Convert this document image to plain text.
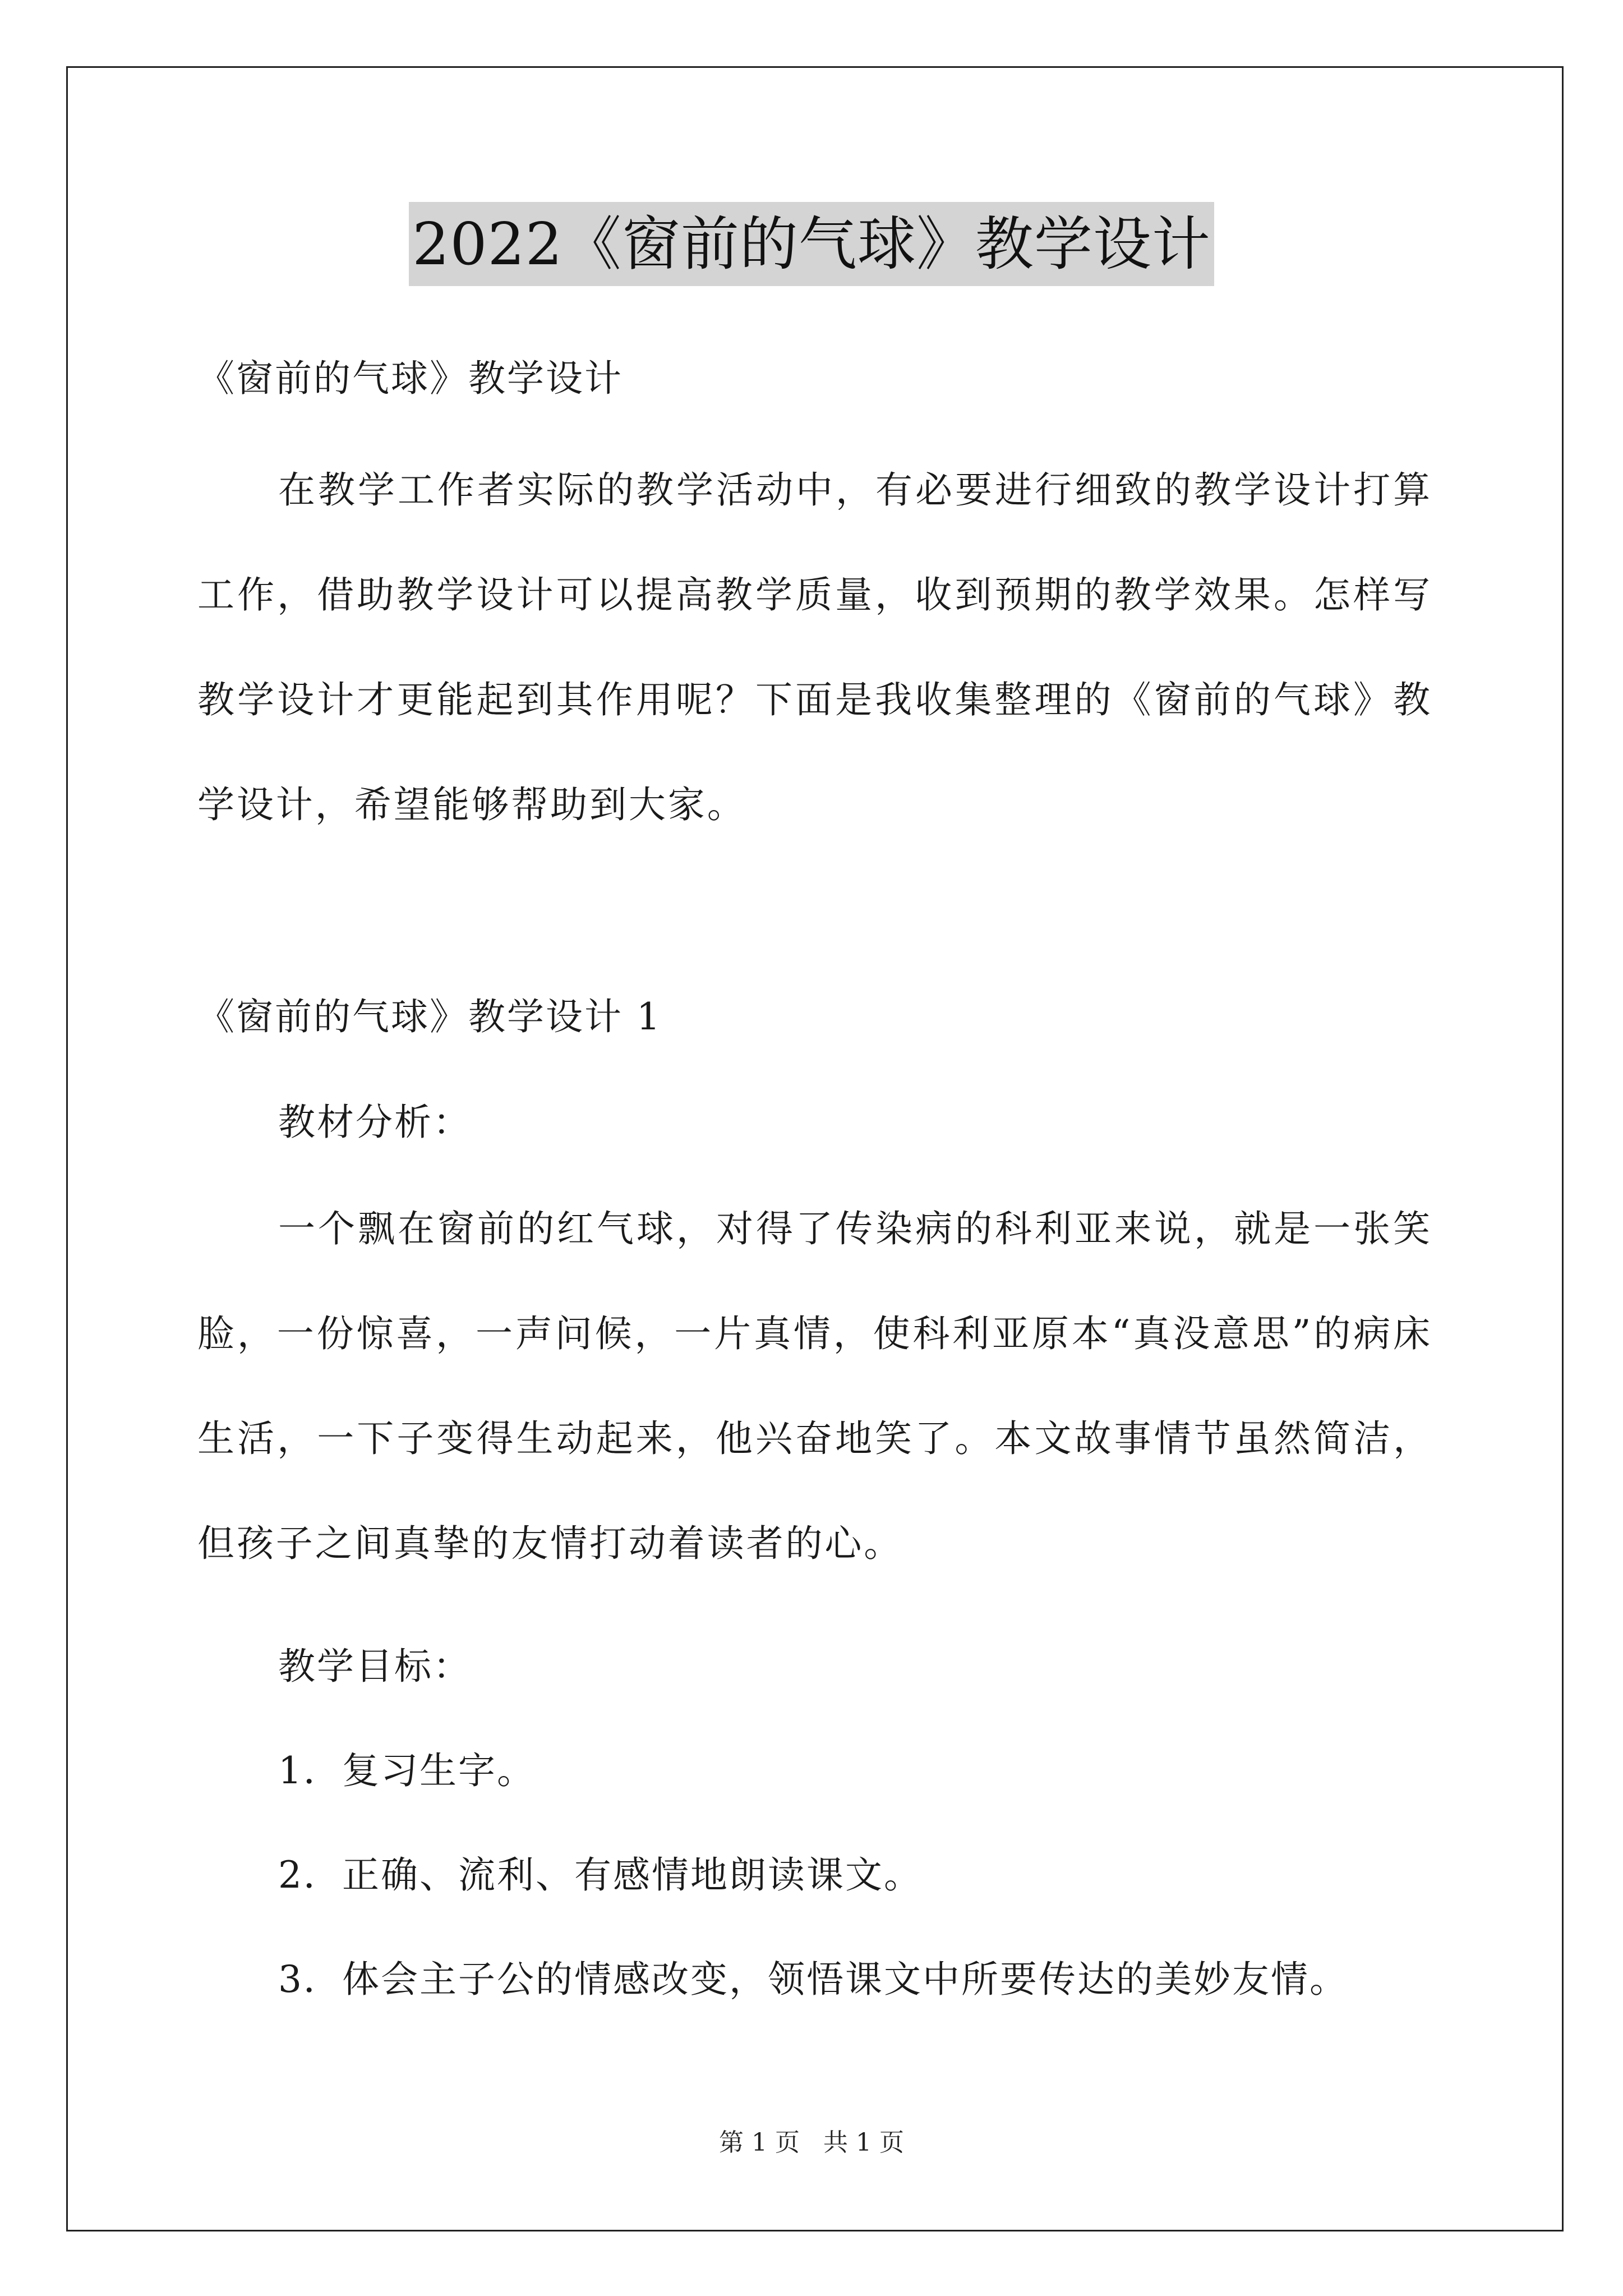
2022《窗前的气球》教学设计
《窗前的气球》教学设计
在教学工作者实际的教学活动中，有必要进行细致的教学设计打算工作，借助教学设计可以提高教学质量，收到预期的教学效果。怎样写教学设计才更能起到其作用呢？下面是我收集整理的《窗前的气球》教学设计，希望能够帮助到大家。
《窗前的气球》教学设计 1
教材分析：
一个飘在窗前的红气球，对得了传染病的科利亚来说，就是一张笑脸，一份惊喜，一声问候，一片真情，使科利亚原本“真没意思”的病床生活，一下子变得生动起来，他兴奋地笑了。本文故事情节虽然简洁，但孩子之间真挚的友情打动着读者的心。
教学目标：
1．复习生字。
2．正确、流利、有感情地朗读课文。
3．体会主子公的情感改变，领悟课文中所要传达的美妙友情。
第 1 页 共 1 页
